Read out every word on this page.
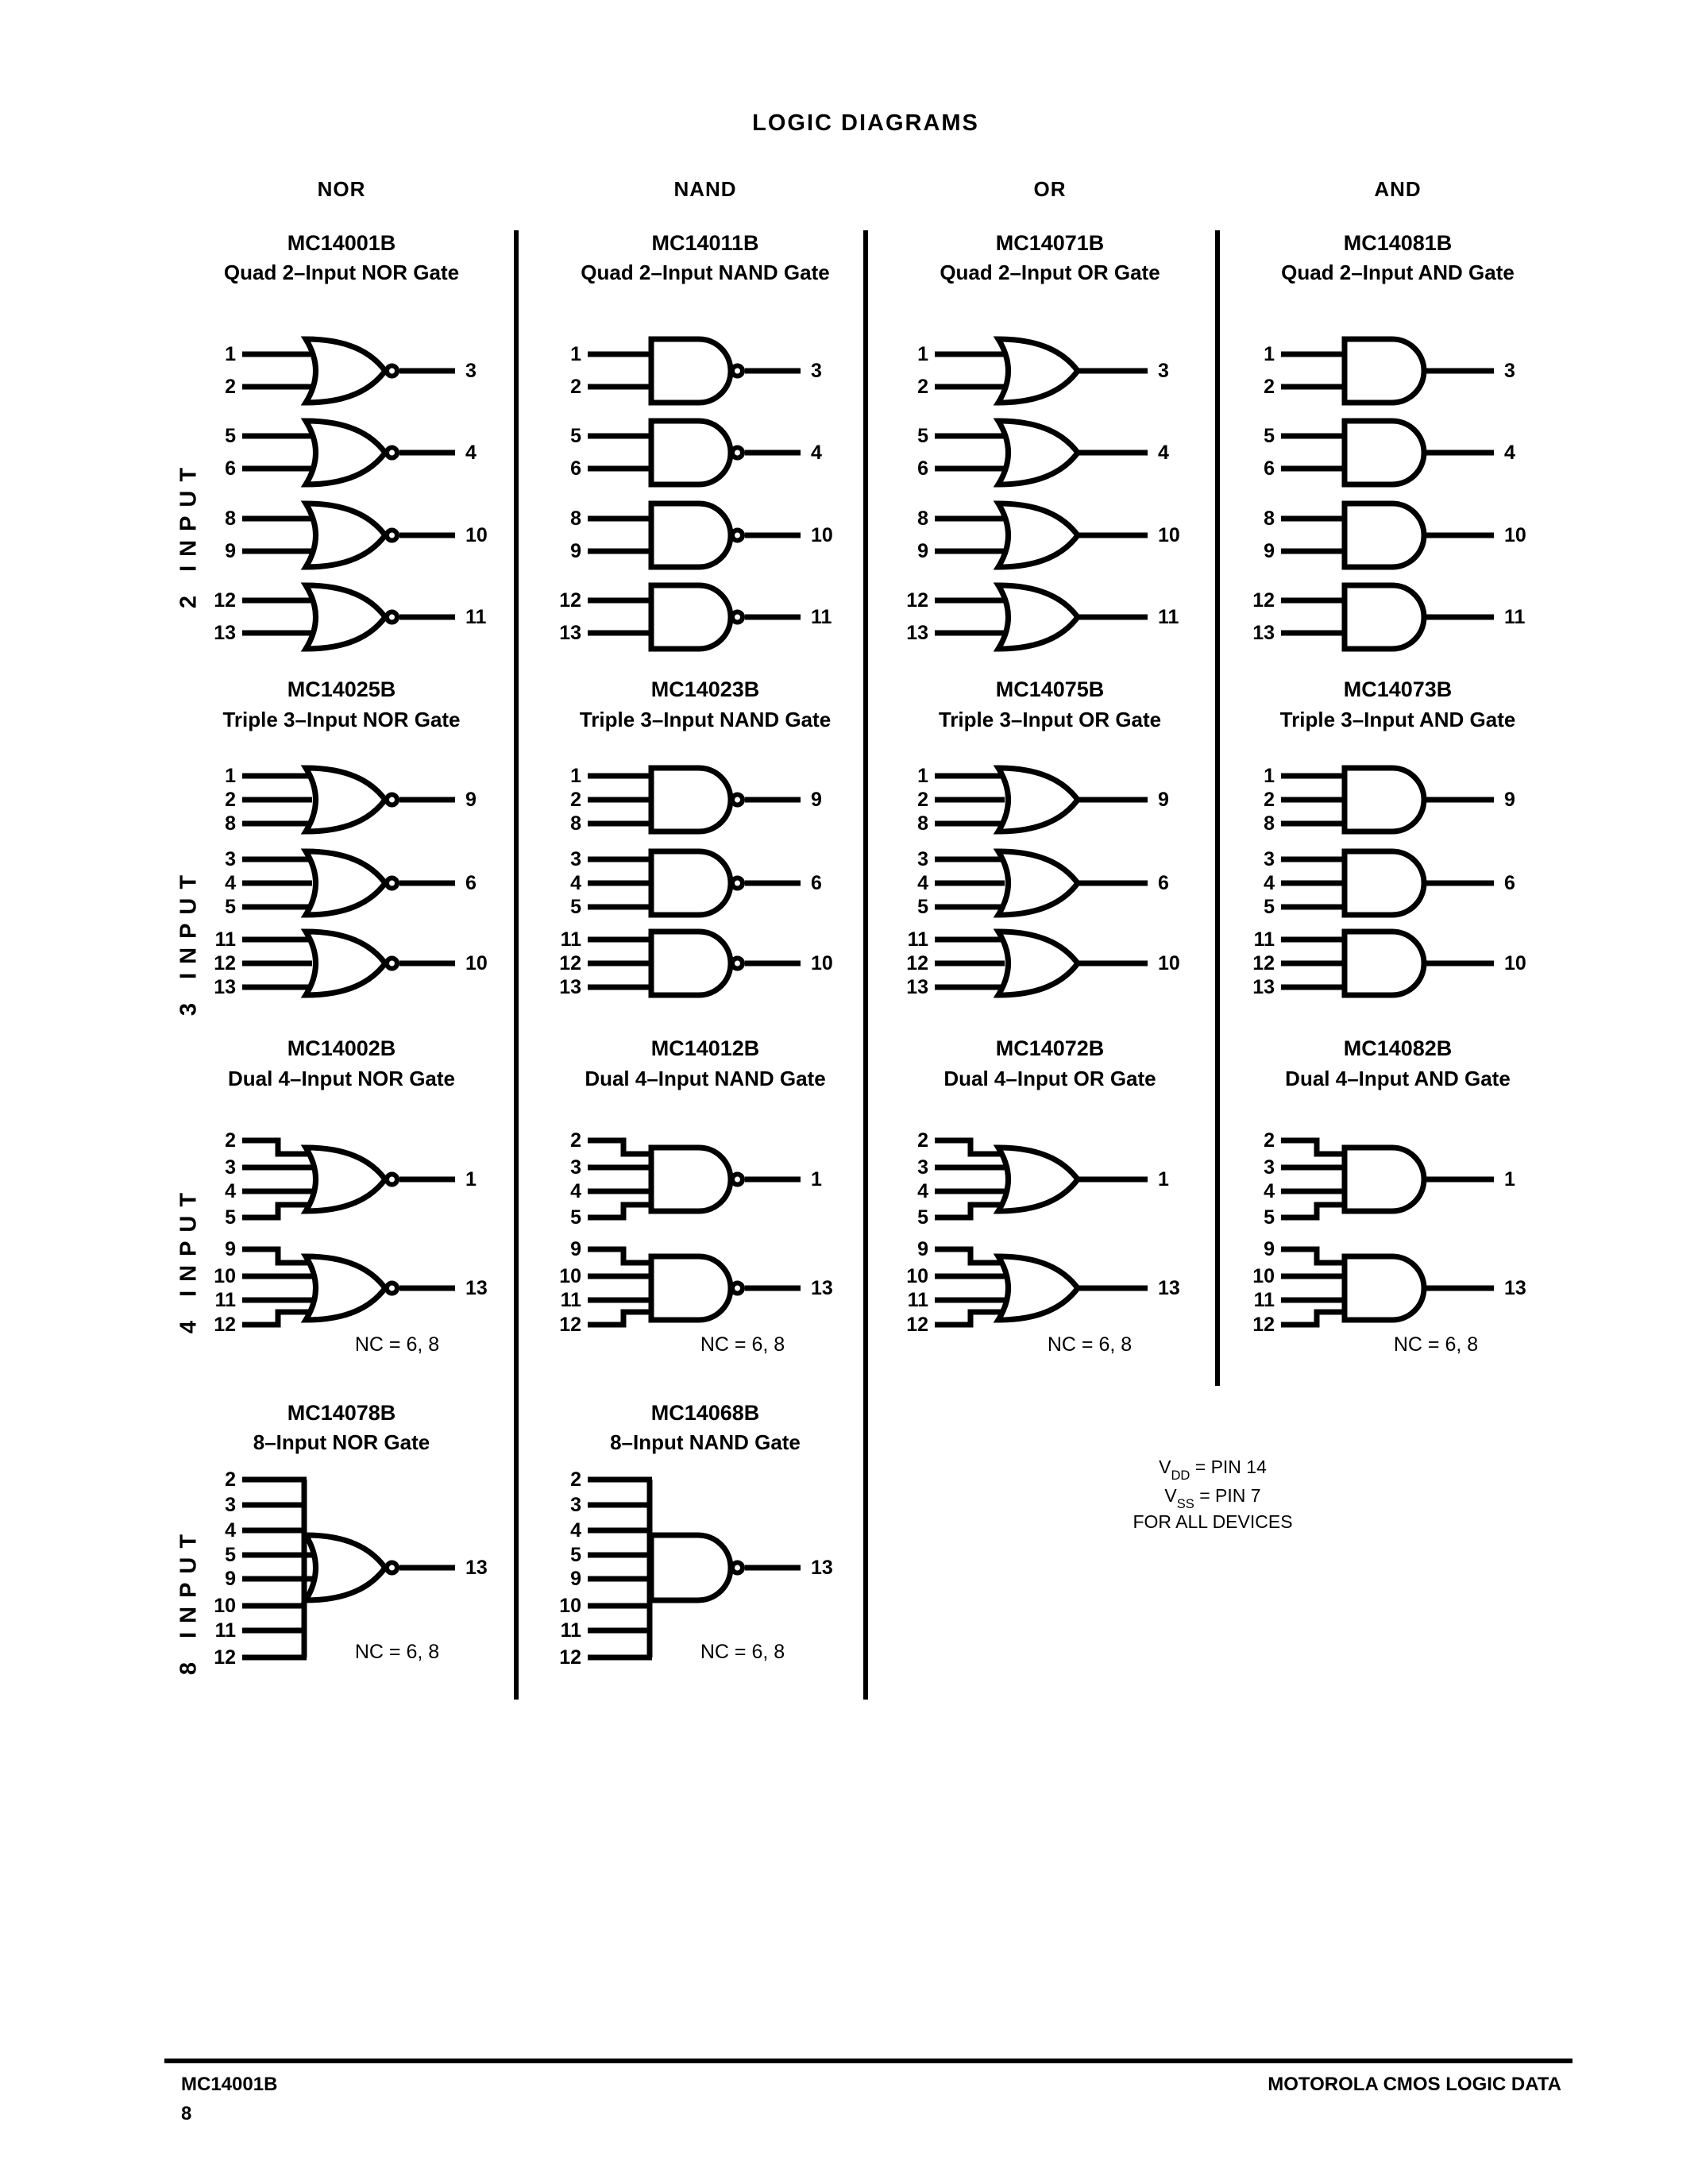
LOGIC DIAGRAMS
NOR	NAND	OR	AND
2 INPUT
MC14001B
Quad 2–Input NOR Gate
1
2
3
5
6
4
8
9
10
12
13
11
MC14011B
Quad 2–Input NAND Gate
1
2
3
5
6
4
8
9
10
12
13
11
MC14071B
Quad 2–Input OR Gate
1
2
3
5
6
4
8
9
10
12
13
11
MC14081B
Quad 2–Input AND Gate
1
2
3
5
6
4
8
9
10
12
13
11
3 INPUT
MC14025B
Triple 3–Input NOR Gate
1
2
8
9
3
4
5
6
11
12
13
10
MC14023B
Triple 3–Input NAND Gate
1
2
8
9
3
4
5
6
11
12
13
10
MC14075B
Triple 3–Input OR Gate
1
2
8
9
3
4
5
6
11
12
13
10
MC14073B
Triple 3–Input AND Gate
1
2
8
9
3
4
5
6
11
12
13
10
4 INPUT
MC14002B
Dual 4–Input NOR Gate
2
3
4
5
1
9
10
11
12
13
NC = 6, 8
MC14012B
Dual 4–Input NAND Gate
2
3
4
5
1
9
10
11
12
13
NC = 6, 8
MC14072B
Dual 4–Input OR Gate
2
3
4
5
1
9
10
11
12
13
NC = 6, 8
MC14082B
Dual 4–Input AND Gate
2
3
4
5
1
9
10
11
12
13
NC = 6, 8
8 INPUT
MC14078B
8–Input NOR Gate
2
3
4
5
9
10
11
12
13
NC = 6, 8
MC14068B
8–Input NAND Gate
2
3
4
5
9
10
11
12
13
NC = 6, 8
$V_{DD}$ = PIN 14
$V_{SS}$ = PIN 7
FOR ALL DEVICES
MC14001B	MOTOROLA CMOS LOGIC DATA
8
